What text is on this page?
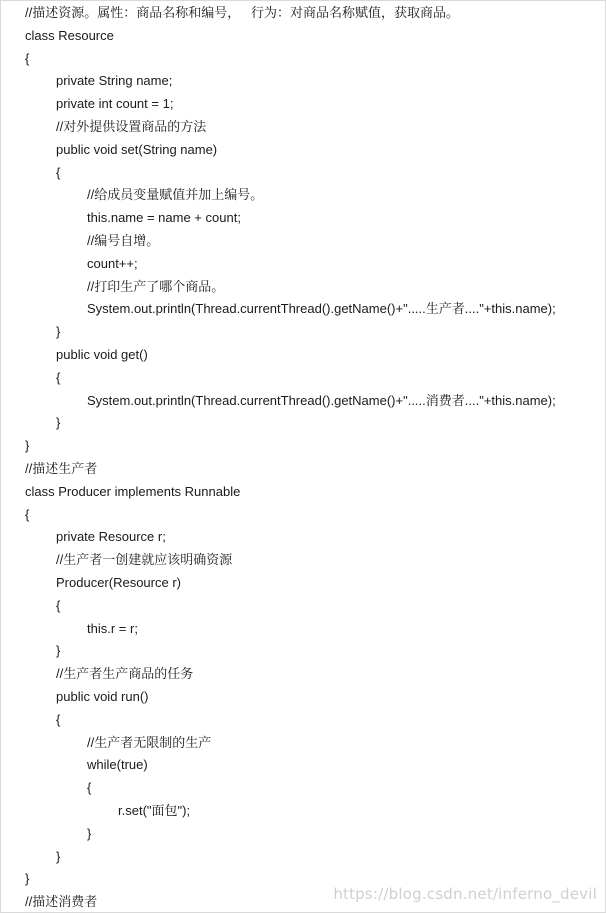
//描述资源。属性：商品名称和编号，   行为：对商品名称赋值，获取商品。
class Resource
{
private String name;
private int count = 1;
//对外提供设置商品的方法
public void set(String name)
{
//给成员变量赋值并加上编号。
this.name = name + count;
//编号自增。
count++;
//打印生产了哪个商品。
System.out.println(Thread.currentThread().getName()+".....生产者...."+this.name);
}
public void get()
{
System.out.println(Thread.currentThread().getName()+".....消费者...."+this.name);
}
}
//描述生产者
class Producer implements Runnable
{
private Resource r;
//生产者一创建就应该明确资源
Producer(Resource r)
{
this.r = r;
}
//生产者生产商品的任务
public void run()
{
//生产者无限制的生产
while(true)
{
r.set("面包");
}
}
}
//描述消费者	https://blog.csdn.net/inferno_devil
